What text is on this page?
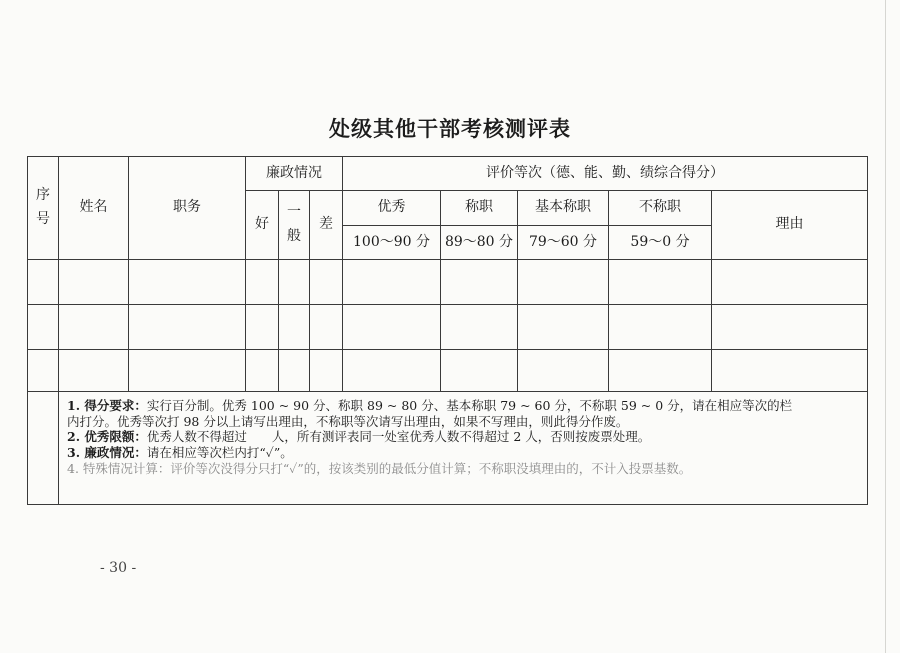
处级其他干部考核测评表
序号	姓名	职务	廉政情况			评价等次（德、能、勤、绩综合得分）				
			好	一般	差	优秀	称职	基本称职	不称职	理由
						100～90 分	89～80 分	79～60 分	59～0 分	

	1. 得分要求：实行百分制。优秀 100 ~ 90 分、称职 89 ~ 80 分、基本称职 79 ~ 60 分，不称职 59 ~ 0 分，请在相应等次的栏
内打分。优秀等次打 98 分以上请写出理由，不称职等次请写出理由，如果不写理由，则此得分作废。
2. 优秀限额：优秀人数不得超过　　人，所有测评表同一处室优秀人数不得超过 2 人，否则按废票处理。
3. 廉政情况：请在相应等次栏内打“✓”。
4. 特殊情况计算：评价等次没得分只打“✓”的，按该类别的最低分值计算；不称职没填理由的，不计入投票基数。									
- 30 -
